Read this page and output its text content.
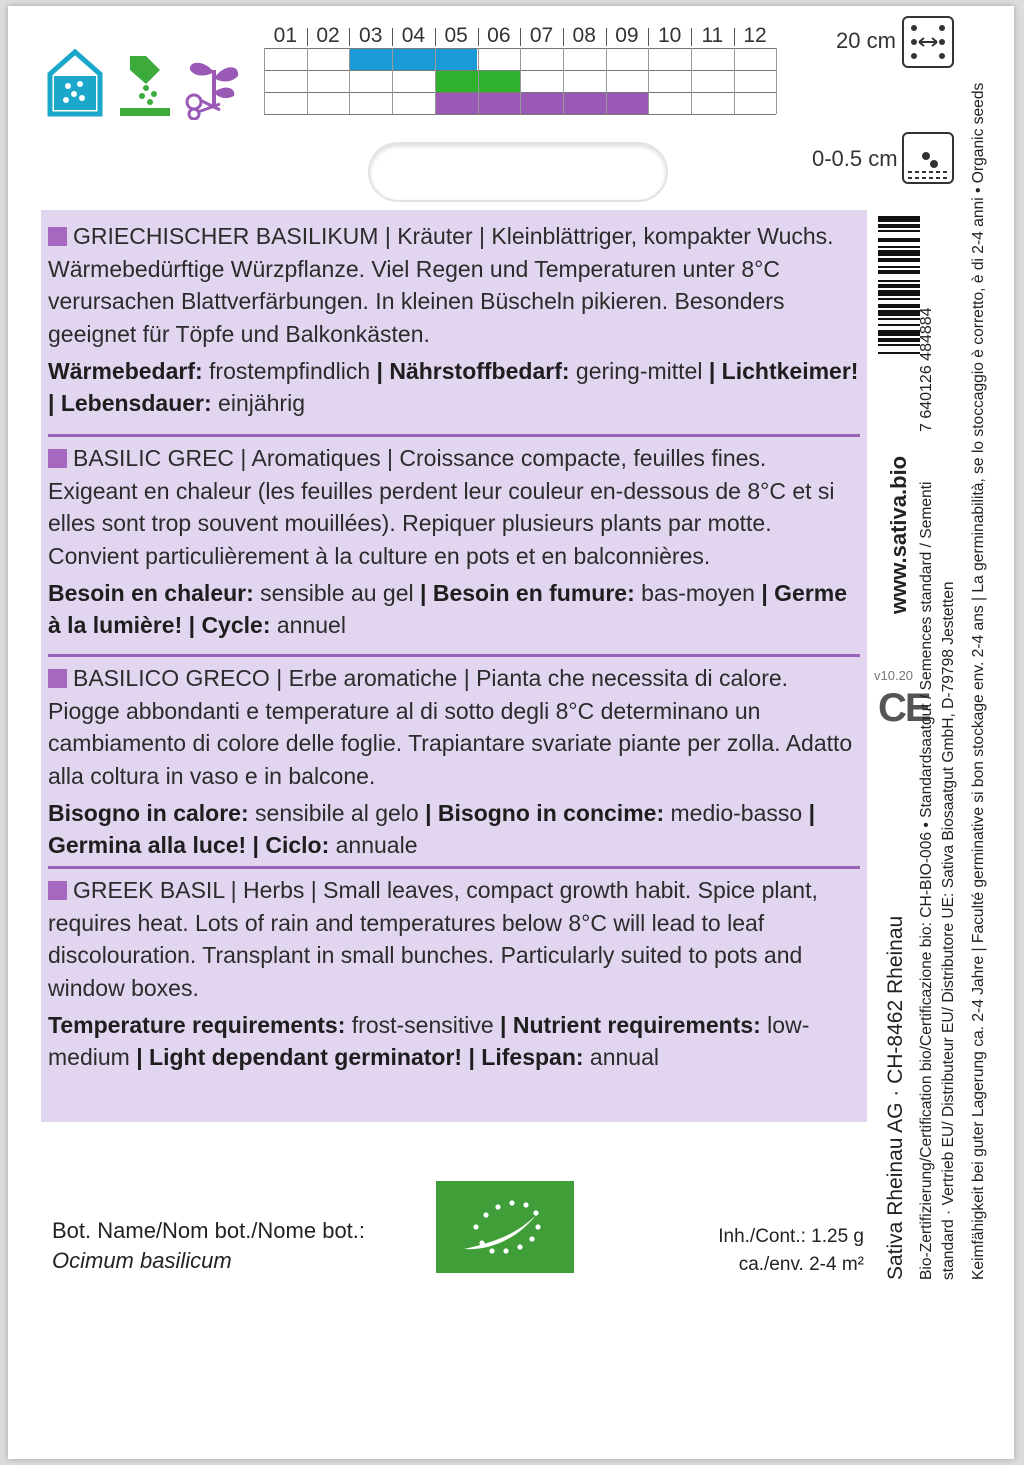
01 02 03 04 05 06 07 08 09 10 11 12	20 cm
0-0.5 cm
GRIECHISCHER BASILIKUM | Kräuter | Kleinblättriger, kompakter Wuchs. Wärmebedürftige Würzpflanze. Viel Regen und Temperaturen unter 8°C verursachen Blattverfärbungen. In kleinen Büscheln pikieren. Besonders geeignet für Töpfe und Balkonkästen.
Wärmebedarf: frostempfindlich | Nährstoffbedarf: gering-mittel | Lichtkeimer! | Lebensdauer: einjährig
BASILIC GREC | Aromatiques | Croissance compacte, feuilles fines. Exigeant en chaleur (les feuilles perdent leur couleur en-dessous de 8°C et si elles sont trop souvent mouillées). Repiquer plusieurs plants par motte. Convient particulièrement à la culture en pots et en balconnières.
Besoin en chaleur: sensible au gel | Besoin en fumure: bas-moyen | Germe à la lumière! | Cycle: annuel
BASILICO GRECO | Erbe aromatiche | Pianta che necessita di calore. Piogge abbondanti e temperature al di sotto degli 8°C determinano un cambiamento di colore delle foglie. Trapiantare svariate piante per zolla. Adatto alla coltura in vaso e in balcone.
Bisogno in calore: sensibile al gelo | Bisogno in concime: medio-basso | Germina alla luce! | Ciclo: annuale
GREEK BASIL | Herbs | Small leaves, compact growth habit. Spice plant, requires heat. Lots of rain and temperatures below 8°C will lead to leaf discolouration. Transplant in small bunches. Particularly suited to pots and window boxes.
Temperature requirements: frost-sensitive | Nutrient requirements: low-medium | Light dependant germinator! | Lifespan: annual
7 640126 484884
www.sativa.bio
v10.20
CE
Sativa Rheinau AG · CH-8462 Rheinau Bio-Zertifizierung/Certification bio/Certificazione bio: CH-BIO-006 • Standardsaatgut / Semences standard / Sementi standard · Vertrieb EU/ Distributeur EU/ Distributore UE: Sativa Biosaatgut GmbH, D-79798 Jestetten Keimfähigkeit bei guter Lagerung ca. 2-4 Jahre | Faculté germinative si bon stockage env. 2-4 ans | La germinabilità, se lo stoccaggio è corretto, è di 2-4 anni • Organic seeds
Bot. Name/Nom bot./Nome bot.:
Ocimum basilicum
Inh./Cont.: 1.25 g
ca./env. 2-4 m²
